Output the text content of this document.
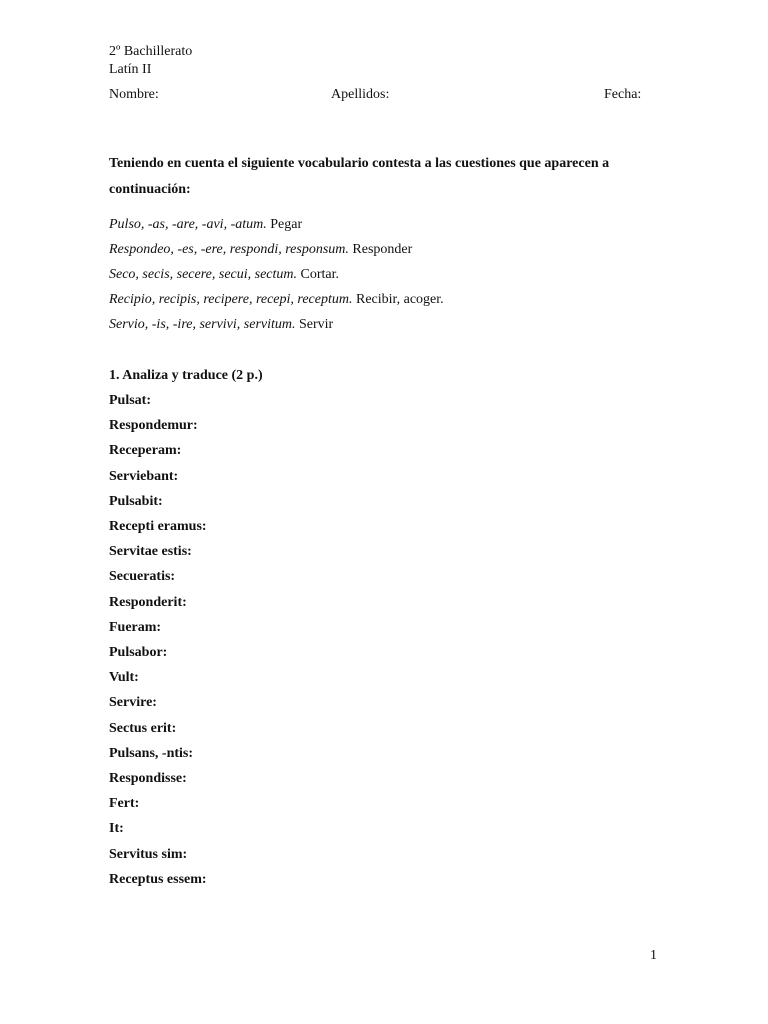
2º Bachillerato
Latín II
Nombre:	Apellidos:	Fecha:
Teniendo en cuenta el siguiente vocabulario contesta a las cuestiones que aparecen a continuación:
Pulso, -as, -are, -avi, -atum. Pegar
Respondeo, -es, -ere, respondi, responsum. Responder
Seco, secis, secere, secui, sectum. Cortar.
Recipio, recipis, recipere, recepi, receptum. Recibir, acoger.
Servio, -is, -ire, servivi, servitum. Servir
1. Analiza y traduce (2 p.)
Pulsat:
Respondemur:
Receperam:
Serviebant:
Pulsabit:
Recepti eramus:
Servitae estis:
Secueratis:
Responderit:
Fueram:
Pulsabor:
Vult:
Servire:
Sectus erit:
Pulsans, -ntis:
Respondisse:
Fert:
It:
Servitus sim:
Receptus essem:
1
